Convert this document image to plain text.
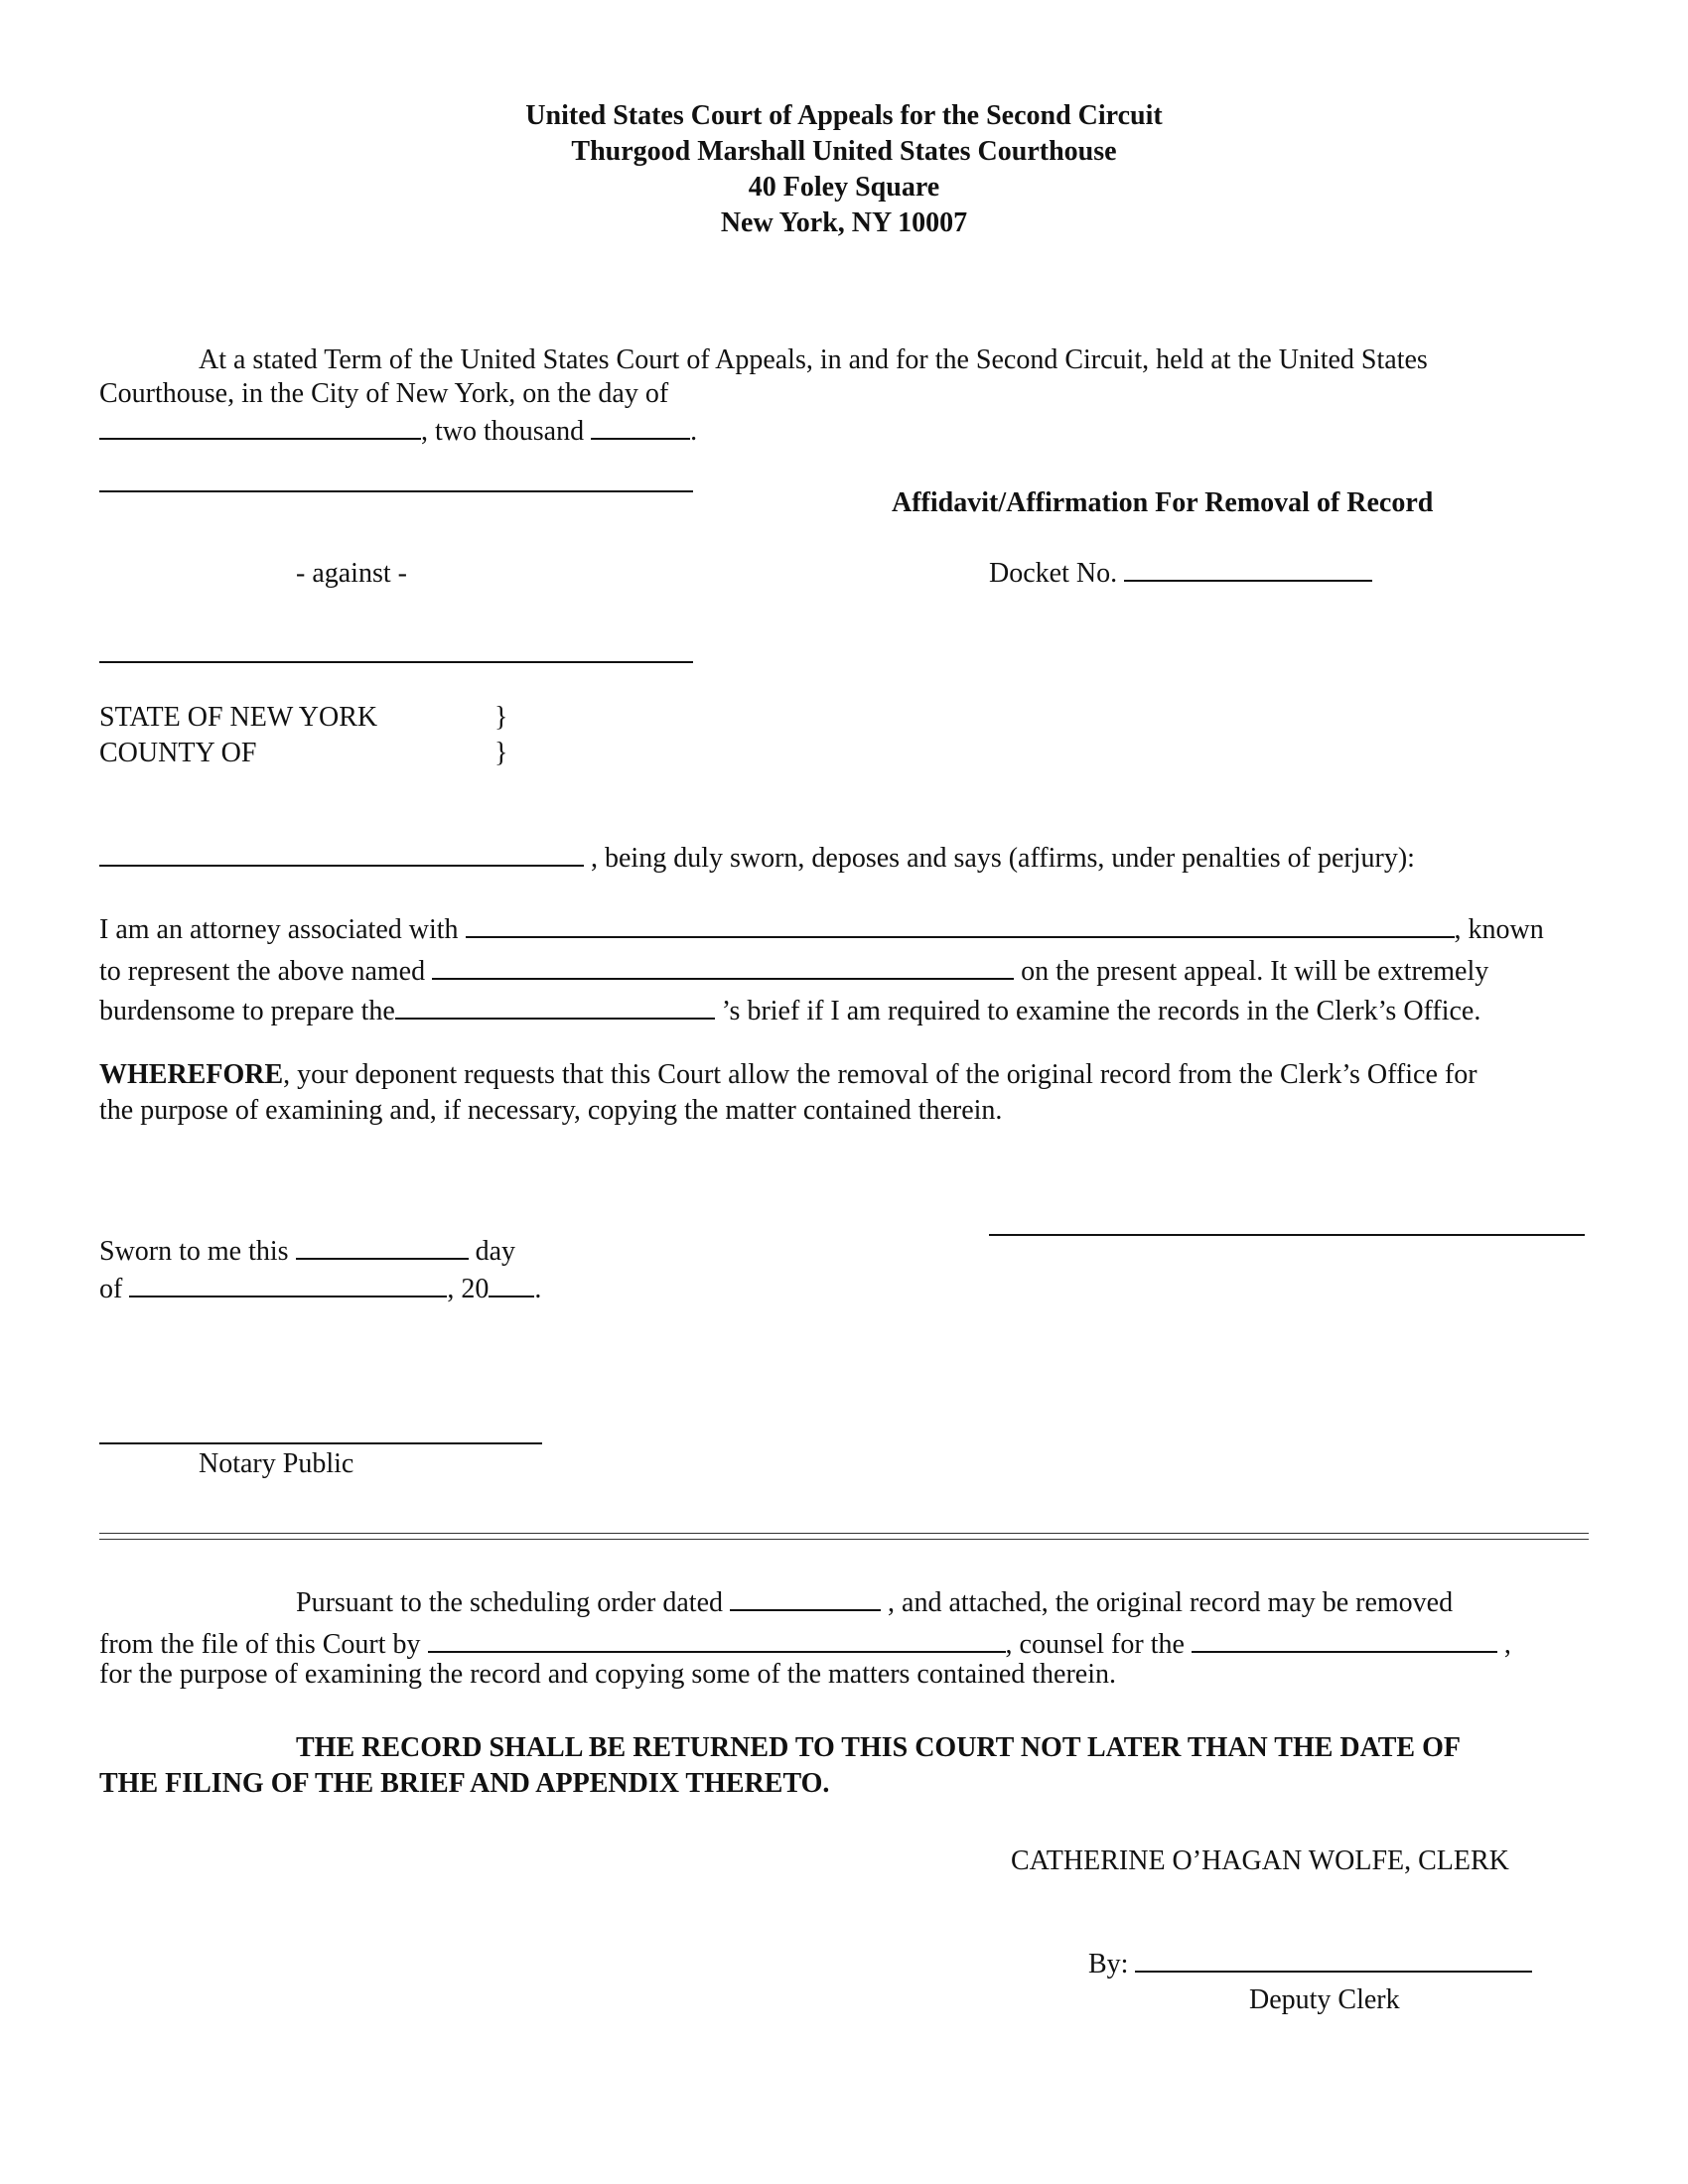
United States Court of Appeals for the Second Circuit
Thurgood Marshall United States Courthouse
40 Foley Square
New York, NY 10007
At a stated Term of the United States Court of Appeals, in and for the Second Circuit, held at the United States
Courthouse, in the City of New York, on the day of
, two thousand	.
Affidavit/Affirmation For Removal of Record
- against -	Docket No.
STATE OF NEW YORK	}
COUNTY OF	}
, being duly sworn, deposes and says (affirms, under penalties of perjury):
I am an attorney associated with	, known
to represent the above named	on the present appeal. It will be extremely
burdensome to prepare the	’s brief if I am required to examine the records in the Clerk’s Office.
WHEREFORE, your deponent requests that this Court allow the removal of the original record from the Clerk’s Office for
the purpose of examining and, if necessary, copying the matter contained therein.
Sworn to me this	day
of	, 20 .
Notary Public
Pursuant to the scheduling order dated	, and attached, the original record may be removed
from the file of this Court by	, counsel for the	,
for the purpose of examining the record and copying some of the matters contained therein.
THE RECORD SHALL BE RETURNED TO THIS COURT NOT LATER THAN THE DATE OF
THE FILING OF THE BRIEF AND APPENDIX THERETO.
CATHERINE O’HAGAN WOLFE, CLERK
By:
Deputy Clerk
